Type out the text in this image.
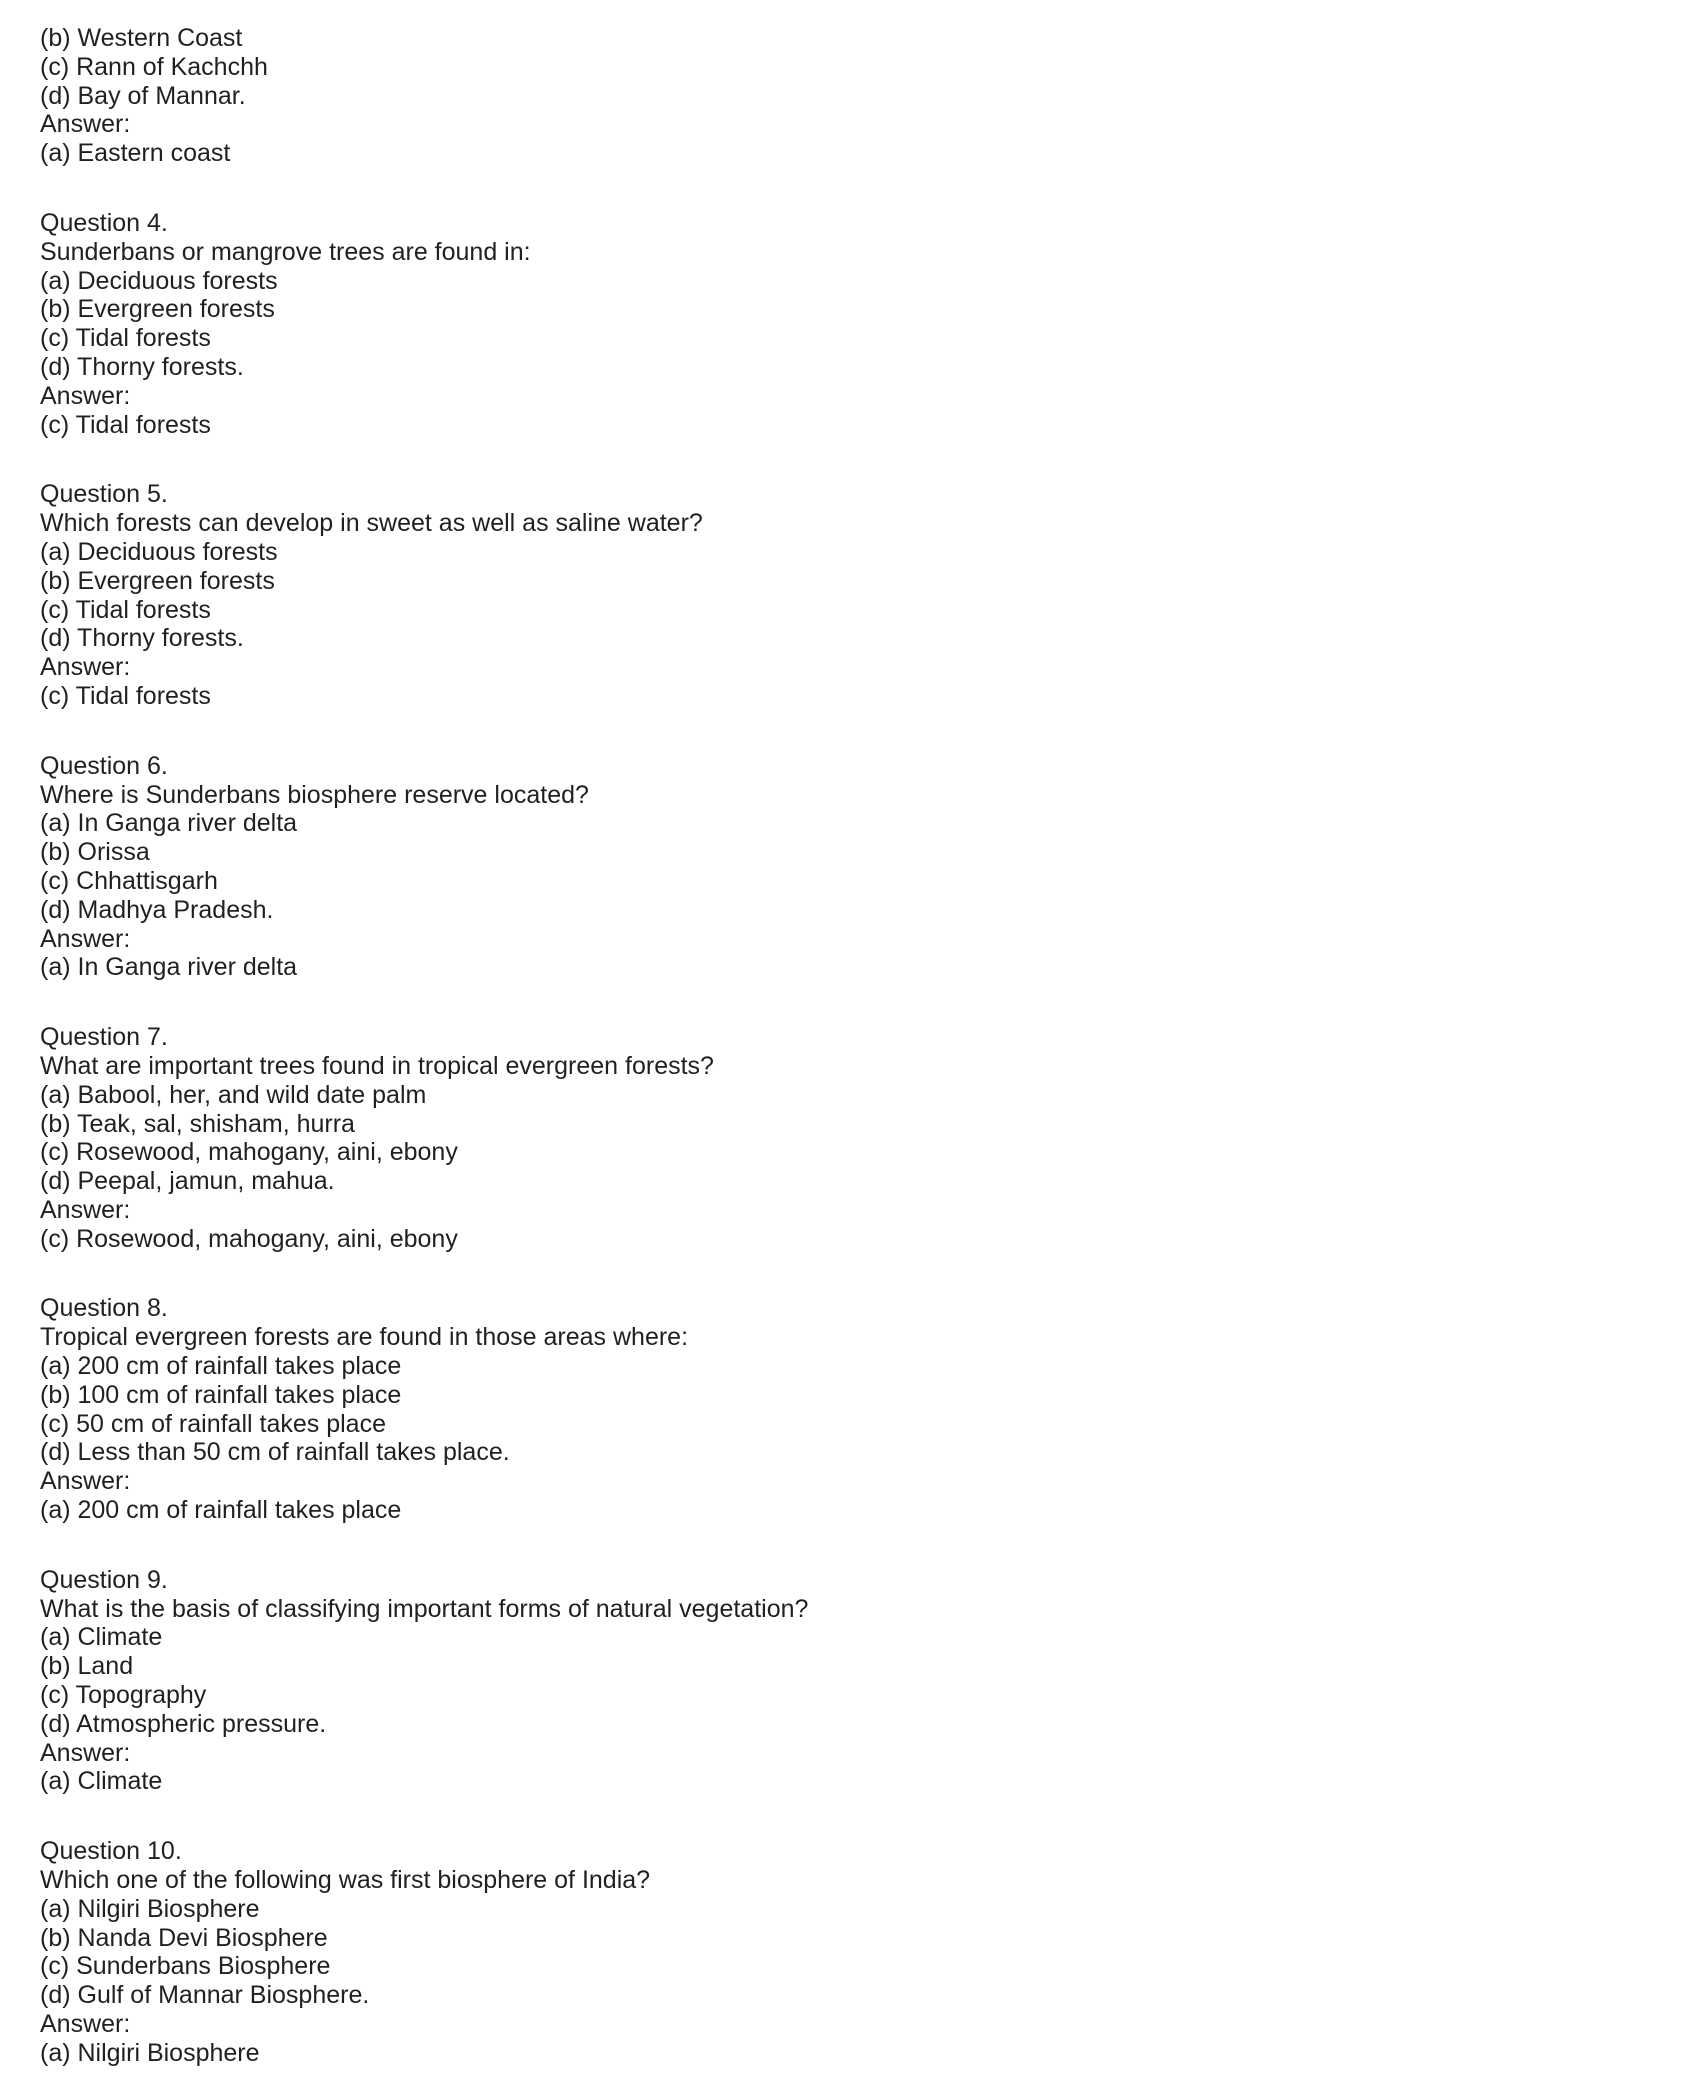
(b) Western Coast
(c) Rann of Kachchh
(d) Bay of Mannar.
Answer:
(a) Eastern coast
Question 4.
Sunderbans or mangrove trees are found in:
(a) Deciduous forests
(b) Evergreen forests
(c) Tidal forests
(d) Thorny forests.
Answer:
(c) Tidal forests
Question 5.
Which forests can develop in sweet as well as saline water?
(a) Deciduous forests
(b) Evergreen forests
(c) Tidal forests
(d) Thorny forests.
Answer:
(c) Tidal forests
Question 6.
Where is Sunderbans biosphere reserve located?
(a) In Ganga river delta
(b) Orissa
(c) Chhattisgarh
(d) Madhya Pradesh.
Answer:
(a) In Ganga river delta
Question 7.
What are important trees found in tropical evergreen forests?
(a) Babool, her, and wild date palm
(b) Teak, sal, shisham, hurra
(c) Rosewood, mahogany, aini, ebony
(d) Peepal, jamun, mahua.
Answer:
(c) Rosewood, mahogany, aini, ebony
Question 8.
Tropical evergreen forests are found in those areas where:
(a) 200 cm of rainfall takes place
(b) 100 cm of rainfall takes place
(c) 50 cm of rainfall takes place
(d) Less than 50 cm of rainfall takes place.
Answer:
(a) 200 cm of rainfall takes place
Question 9.
What is the basis of classifying important forms of natural vegetation?
(a) Climate
(b) Land
(c) Topography
(d) Atmospheric pressure.
Answer:
(a) Climate
Question 10.
Which one of the following was first biosphere of India?
(a) Nilgiri Biosphere
(b) Nanda Devi Biosphere
(c) Sunderbans Biosphere
(d) Gulf of Mannar Biosphere.
Answer:
(a) Nilgiri Biosphere
